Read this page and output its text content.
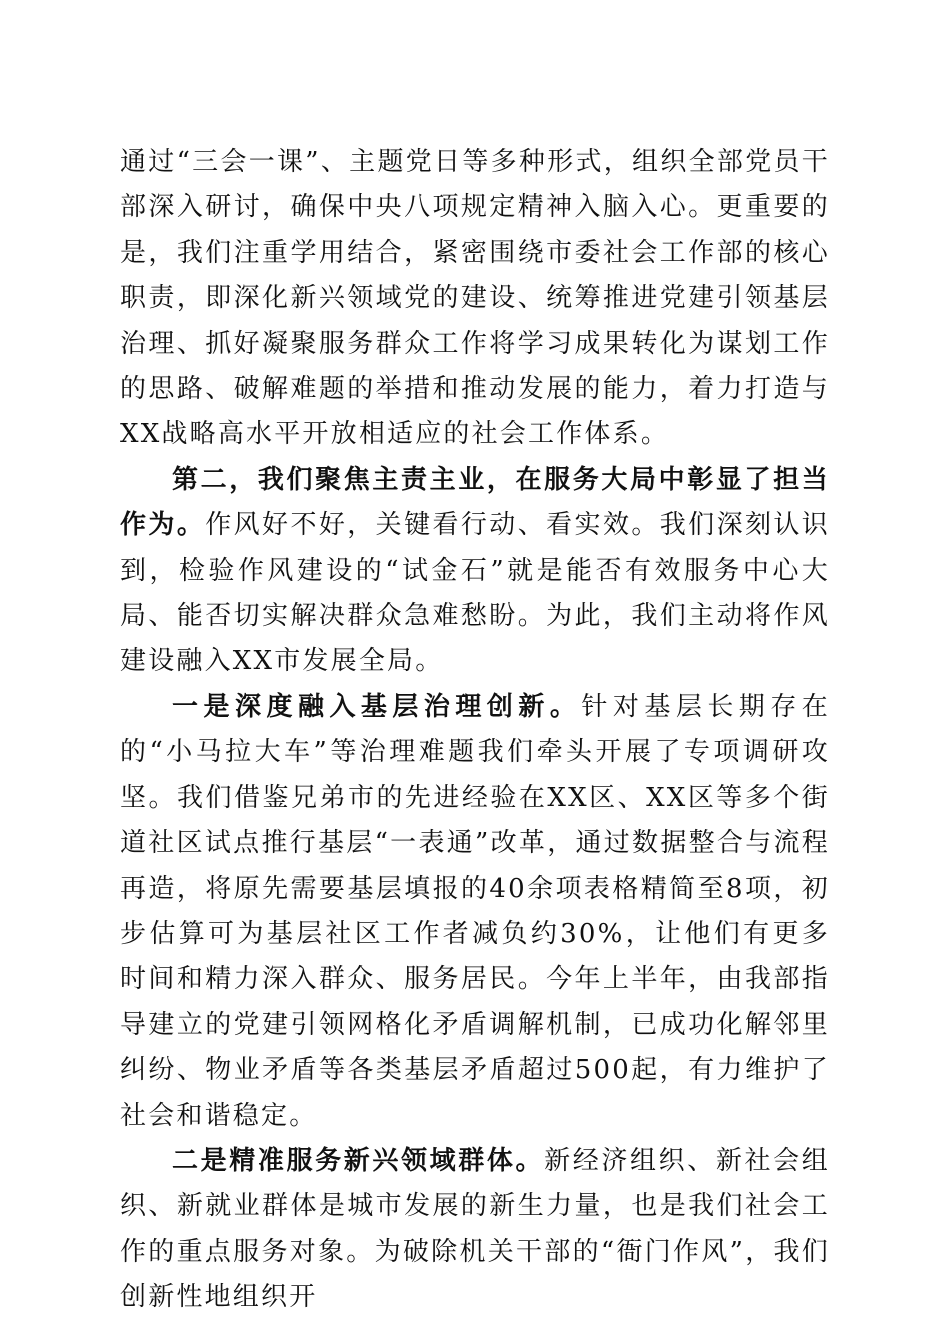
通过“三会一课”、主题党日等多种形式，组织全部党员干部深入研讨，确保中央八项规定精神入脑入心。更重要的是，我们注重学用结合，紧密围绕市委社会工作部的核心职责，即深化新兴领域党的建设、统筹推进党建引领基层治理、抓好凝聚服务群众工作将学习成果转化为谋划工作的思路、破解难题的举措和推动发展的能力，着力打造与XX战略高水平开放相适应的社会工作体系。

第二，我们聚焦主责主业，在服务大局中彰显了担当作为。作风好不好，关键看行动、看实效。我们深刻认识到，检验作风建设的“试金石”就是能否有效服务中心大局、能否切实解决群众急难愁盼。为此，我们主动将作风建设融入XX市发展全局。

一是深度融入基层治理创新。针对基层长期存在的“小马拉大车”等治理难题我们牵头开展了专项调研攻坚。我们借鉴兄弟市的先进经验在XX区、XX区等多个街道社区试点推行基层“一表通”改革，通过数据整合与流程再造，将原先需要基层填报的40余项表格精简至8项，初步估算可为基层社区工作者减负约30%，让他们有更多时间和精力深入群众、服务居民。今年上半年，由我部指导建立的党建引领网格化矛盾调解机制，已成功化解邻里纠纷、物业矛盾等各类基层矛盾超过500起，有力维护了社会和谐稳定。

二是精准服务新兴领域群体。新经济组织、新社会组织、新就业群体是城市发展的新生力量，也是我们社会工作的重点服务对象。为破除机关干部的“衙门作风”，我们创新性地组织开
